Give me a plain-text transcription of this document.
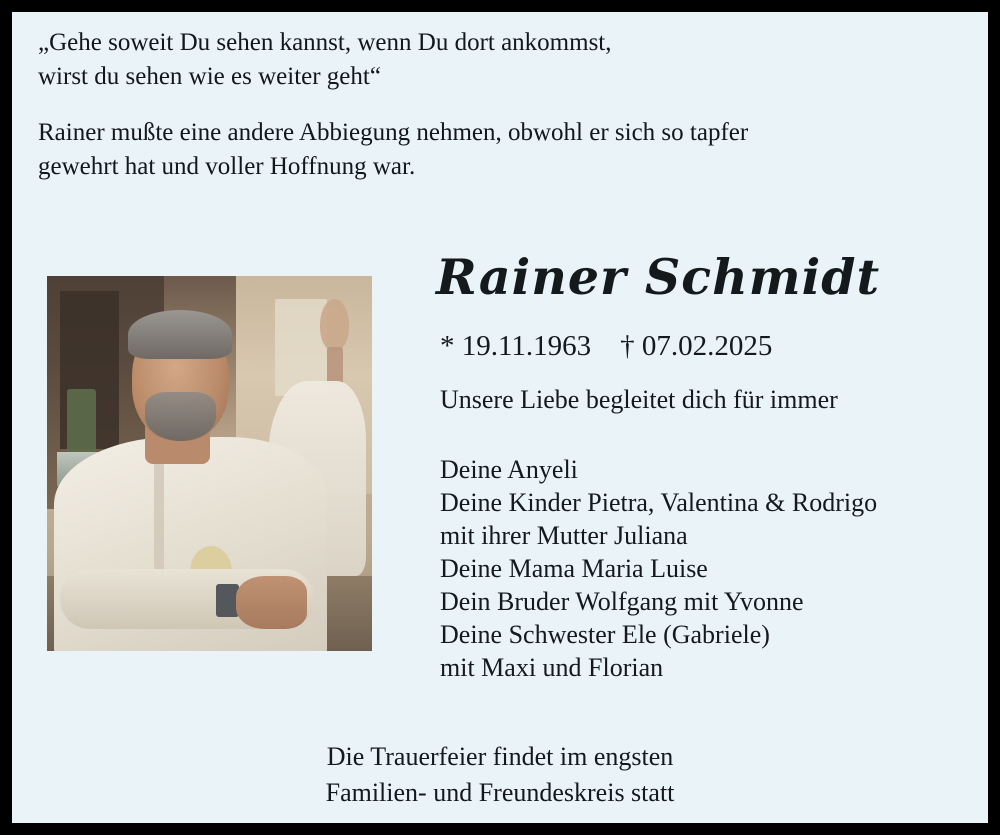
„Gehe soweit Du sehen kannst, wenn Du dort ankommst,
wirst du sehen wie es weiter geht“
Rainer mußte eine andere Abbiegung nehmen, obwohl er sich so tapfer
gewehrt hat und voller Hoffnung war.
Rainer Schmidt
* 19.11.1963    † 07.02.2025
Unsere Liebe begleitet dich für immer
Deine Anyeli
Deine Kinder Pietra, Valentina & Rodrigo
mit ihrer Mutter Juliana
Deine Mama Maria Luise
Dein Bruder Wolfgang mit Yvonne
Deine Schwester Ele (Gabriele)
mit Maxi und Florian
Die Trauerfeier findet im engsten
Familien- und Freundeskreis statt
